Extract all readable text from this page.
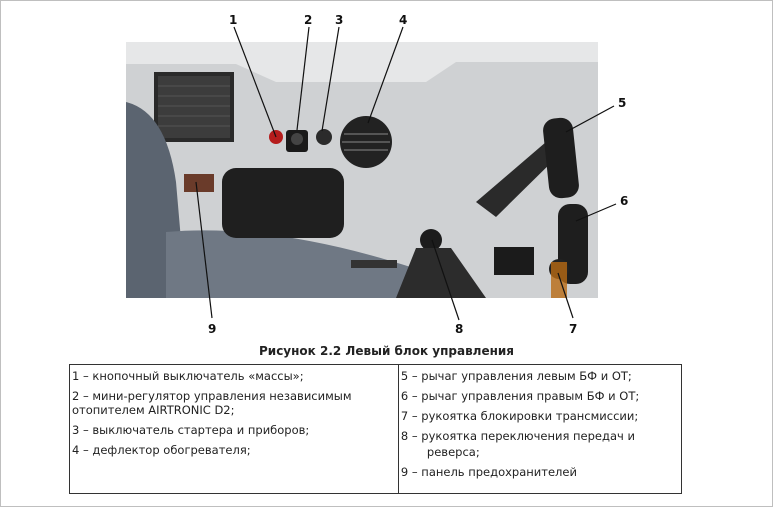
1	2 3	4
5
6
7
8
9
Рисунок 2.2 Левый блок управления
1 – кнопочный выключатель «массы»;
2 – мини-регулятор управления независимым отопителем AIRTRONIC D2;
3 – выключатель стартера и приборов;
4 – дефлектор обогревателя;
5 – рычаг управления левым БФ и ОТ;
6 – рычаг управления правым БФ и ОТ;
7 – рукоятка блокировки трансмиссии;
8 – рукоятка переключения передач и
реверса;
9 – панель предохранителей
